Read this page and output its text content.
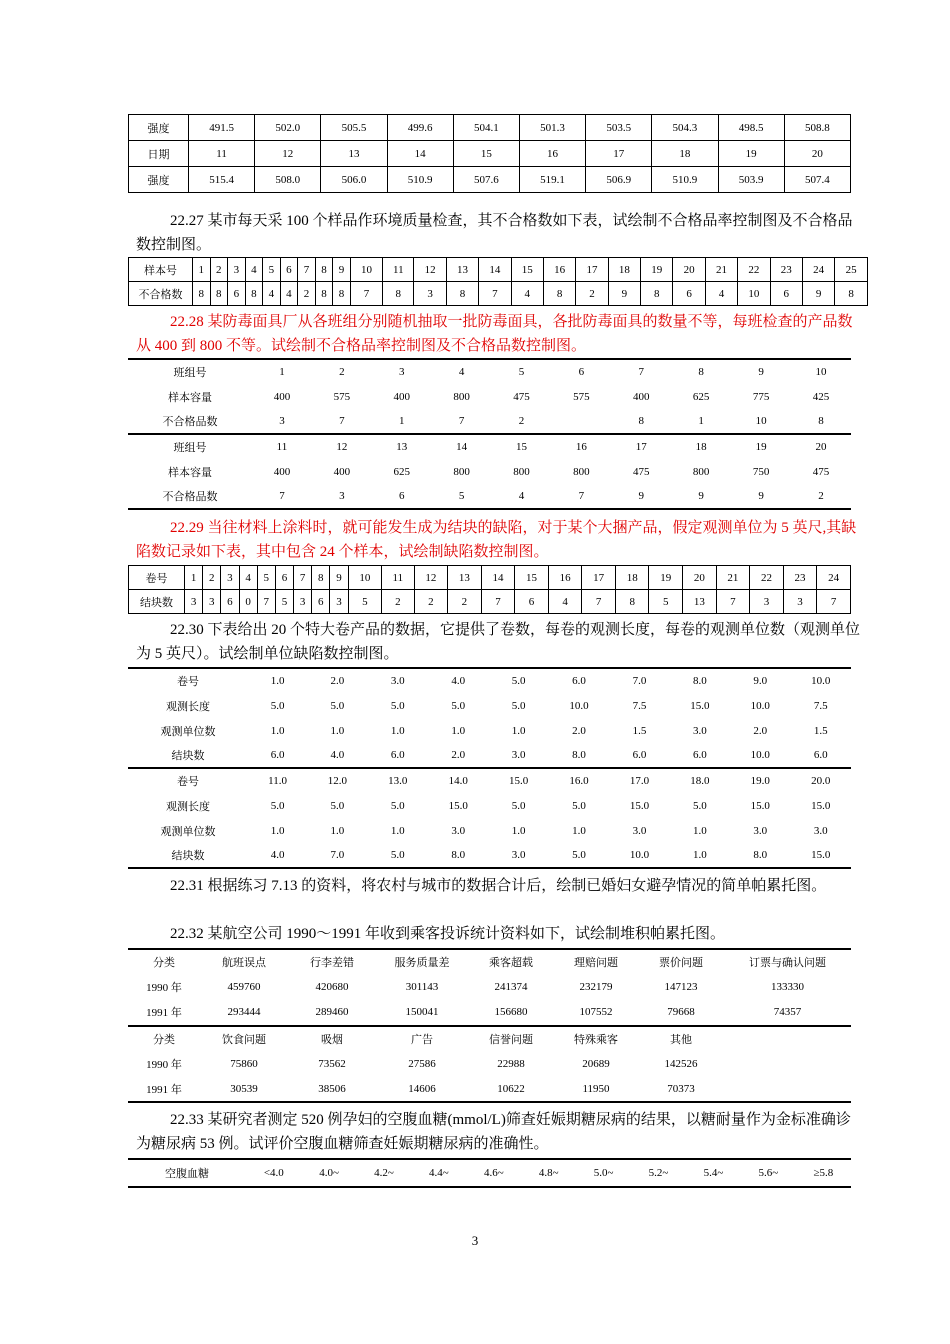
强度	491.5	502.0	505.5	499.6	504.1	501.3	503.5	504.3	498.5	508.8
日期	11	12	13	14	15	16	17	18	19	20
强度	515.4	508.0	506.0	510.9	507.6	519.1	506.9	510.9	503.9	507.4
22.27 某市每天采 100 个样品作环境质量检查，其不合格数如下表，试绘制不合格品率控制图及不合格品数控制图。
样本号	1	2	3	4	5	6	7	8	9	10	11	12	13	14	15	16	17	18	19	20	21	22	23	24	25
不合格数	8	8	6	8	4	4	2	8	8	7	8	3	8	7	4	8	2	9	8	6	4	10	6	9	8
22.28 某防毒面具厂从各班组分别随机抽取一批防毒面具，各批防毒面具的数量不等，每班检查的产品数从 400 到 800 不等。试绘制不合格品率控制图及不合格品数控制图。
班组号	1	2	3	4	5	6	7	8	9	10
样本容量	400	575	400	800	475	575	400	625	775	425
不合格品数	3	7	1	7	2		8	1	10	8
班组号	11	12	13	14	15	16	17	18	19	20
样本容量	400	400	625	800	800	800	475	800	750	475
不合格品数	7	3	6	5	4	7	9	9	9	2
22.29 当往材料上涂料时，就可能发生成为结块的缺陷，对于某个大捆产品，假定观测单位为 5 英尺,其缺陷数记录如下表，其中包含 24 个样本，试绘制缺陷数控制图。
卷号	1	2	3	4	5	6	7	8	9	10	11	12	13	14	15	16	17	18	19	20	21	22	23	24
结块数	3	3	6	0	7	5	3	6	3	5	2	2	2	7	6	4	7	8	5	13	7	3	3	7
22.30 下表给出 20 个特大卷产品的数据，它提供了卷数，每卷的观测长度，每卷的观测单位数（观测单位为 5 英尺）。试绘制单位缺陷数控制图。
卷号	1.0	2.0	3.0	4.0	5.0	6.0	7.0	8.0	9.0	10.0
观测长度	5.0	5.0	5.0	5.0	5.0	10.0	7.5	15.0	10.0	7.5
观测单位数	1.0	1.0	1.0	1.0	1.0	2.0	1.5	3.0	2.0	1.5
结块数	6.0	4.0	6.0	2.0	3.0	8.0	6.0	6.0	10.0	6.0
卷号	11.0	12.0	13.0	14.0	15.0	16.0	17.0	18.0	19.0	20.0
观测长度	5.0	5.0	5.0	15.0	5.0	5.0	15.0	5.0	15.0	15.0
观测单位数	1.0	1.0	1.0	3.0	1.0	1.0	3.0	1.0	3.0	3.0
结块数	4.0	7.0	5.0	8.0	3.0	5.0	10.0	1.0	8.0	15.0
22.31 根据练习 7.13 的资料，将农村与城市的数据合计后，绘制已婚妇女避孕情况的简单帕累托图。
22.32 某航空公司 1990～1991 年收到乘客投诉统计资料如下，试绘制堆积帕累托图。
分类	航班误点	行李差错	服务质量差	乘客超载	理赔问题	票价问题	订票与确认问题
1990 年	459760	420680	301143	241374	232179	147123	133330
1991 年	293444	289460	150041	156680	107552	79668	74357
分类	饮食问题	吸烟	广告	信誉问题	特殊乘客	其他	
1990 年	75860	73562	27586	22988	20689	142526	
1991 年	30539	38506	14606	10622	11950	70373	
22.33 某研究者测定 520 例孕妇的空腹血糖(mmol/L)筛查妊娠期糖尿病的结果，以糖耐量作为金标准确诊为糖尿病 53 例。试评价空腹血糖筛查妊娠期糖尿病的准确性。
空腹血糖	<4.0	4.0~	4.2~	4.4~	4.6~	4.8~	5.0~	5.2~	5.4~	5.6~	≥5.8
3
